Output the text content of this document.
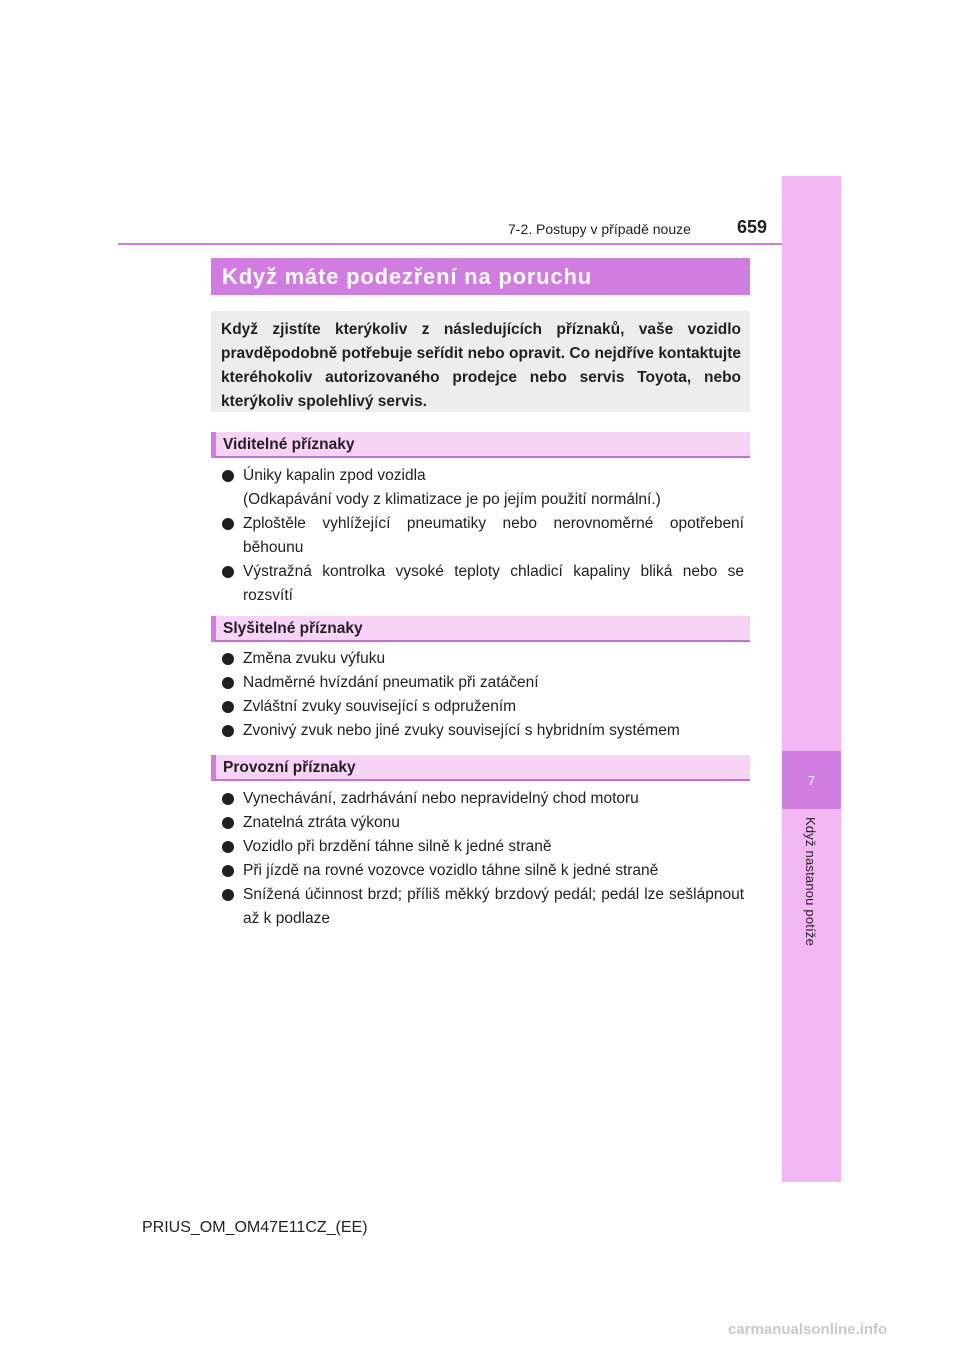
7
Když nastanou potíže
7-2. Postupy v případě nouze	659
Když máte podezření na poruchu
Když zjistíte kterýkoliv z následujících příznaků, vaše vozidlo pravděpodobně potřebuje seřídit nebo opravit. Co nejdříve kontaktujte kteréhokoliv autorizovaného prodejce nebo servis Toyota, nebo kterýkoliv spolehlivý servis.
Viditelné příznaky
Úniky kapalin zpod vozidla
(Odkapávání vody z klimatizace je po jejím použití normální.)
Zploštěle vyhlížející pneumatiky nebo nerovnoměrné opotřebení běhounu
Výstražná kontrolka vysoké teploty chladicí kapaliny bliká nebo se rozsvítí
Slyšitelné příznaky
Změna zvuku výfuku
Nadměrné hvízdání pneumatik při zatáčení
Zvláštní zvuky související s odpružením
Zvonivý zvuk nebo jiné zvuky související s hybridním systémem
Provozní příznaky
Vynechávání, zadrhávání nebo nepravidelný chod motoru
Znatelná ztráta výkonu
Vozidlo při brzdění táhne silně k jedné straně
Při jízdě na rovné vozovce vozidlo táhne silně k jedné straně
Snížená účinnost brzd; příliš měkký brzdový pedál; pedál lze sešlápnout až k podlaze
PRIUS_OM_OM47E11CZ_(EE)
carmanualsonline.info
